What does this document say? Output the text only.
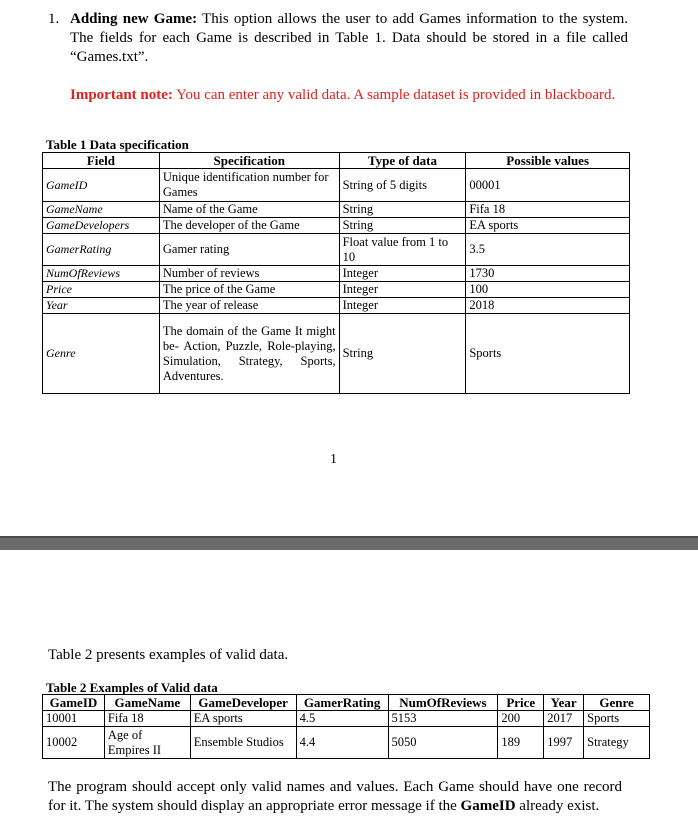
1. Adding new Game: This option allows the user to add Games information to the system. The fields for each Game is described in Table 1. Data should be stored in a file called “Games.txt”.
Important note: You can enter any valid data. A sample dataset is provided in blackboard.
Table 1 Data specification
Field	Specification	Type of data	Possible values
GameID	Unique identification number for Games	String of 5 digits	00001
GameName	Name of the Game	String	Fifa 18
GameDevelopers	The developer of the Game	String	EA sports
GamerRating	Gamer rating	Float value from 1 to 10	3.5
NumOfReviews	Number of reviews	Integer	1730
Price	The price of the Game	Integer	100
Year	The year of release	Integer	2018
Genre	The domain of the Game It might be- Action, Puzzle, Role-playing, Simulation, Strategy, Sports, Adventures.	String	Sports
1
Table 2 presents examples of valid data.
Table 2 Examples of Valid data
GameID	GameName	GameDeveloper	GamerRating	NumOfReviews	Price	Year	Genre
10001	Fifa 18	EA sports	4.5	5153	200	2017	Sports
10002	Age of Empires II	Ensemble Studios	4.4	5050	189	1997	Strategy
The program should accept only valid names and values. Each Game should have one record for it. The system should display an appropriate error message if the GameID already exist.
